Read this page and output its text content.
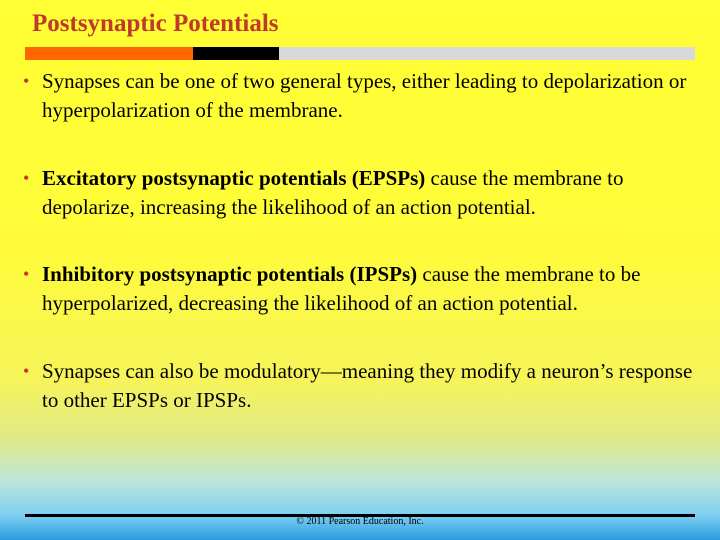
Postsynaptic Potentials
• Synapses can be one of two general types, either leading to depolarization or hyperpolarization of the membrane.
• Excitatory postsynaptic potentials (EPSPs) cause the membrane to depolarize, increasing the likelihood of an action potential.
• Inhibitory postsynaptic potentials (IPSPs) cause the membrane to be hyperpolarized, decreasing the likelihood of an action potential.
• Synapses can also be modulatory—meaning they modify a neuron’s response to other EPSPs or IPSPs.
© 2011 Pearson Education, Inc.
